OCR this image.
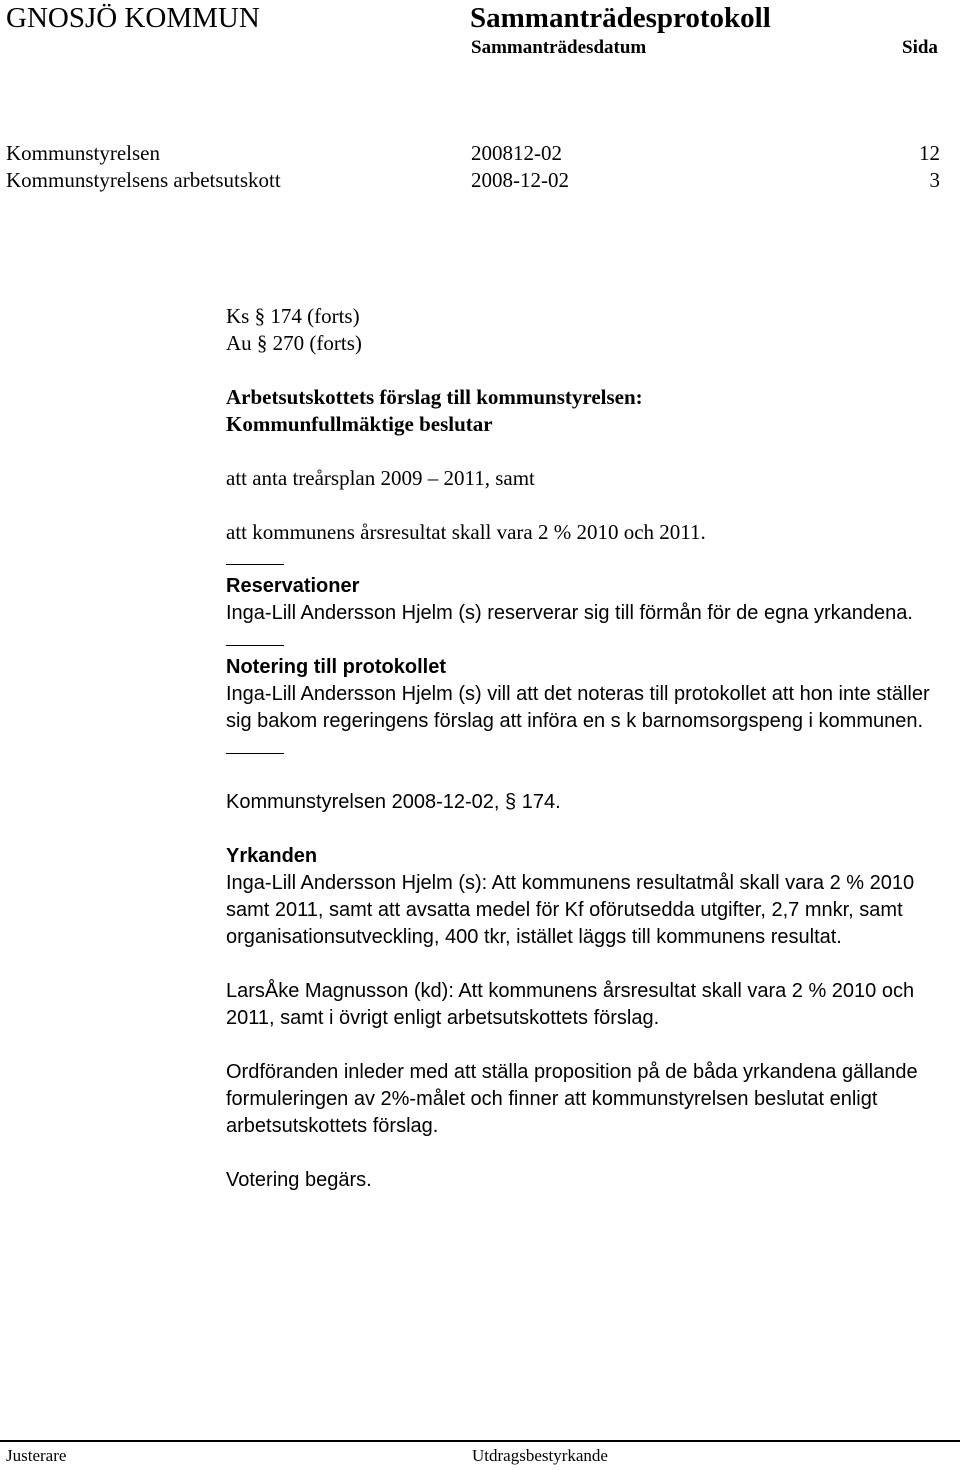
GNOSJÖ KOMMUN	Sammanträdesprotokoll
Sammanträdesdatum	Sida
Kommunstyrelsen	200812-02	12
Kommunstyrelsens arbetsutskott	2008-12-02	3

Ks § 174 (forts)

Au § 270 (forts)

Arbetsutskottets förslag till kommunstyrelsen:

Kommunfullmäktige beslutar

att anta treårsplan 2009 – 2011, samt

att kommunens årsresultat skall vara 2 % 2010 och 2011.

Reservationer

Inga-Lill Andersson Hjelm (s) reserverar sig till förmån för de egna yrkandena.

Notering till protokollet

Inga-Lill Andersson Hjelm (s) vill att det noteras till protokollet att hon inte ställer sig bakom regeringens förslag att införa en s k barnomsorgspeng i kommunen.

Kommunstyrelsen 2008-12-02, § 174.

Yrkanden

Inga-Lill Andersson Hjelm (s): Att kommunens resultatmål skall vara 2 % 2010 samt 2011, samt att avsatta medel för Kf oförutsedda utgifter, 2,7 mnkr, samt organisationsutveckling, 400 tkr, istället läggs till kommunens resultat.

LarsÅke Magnusson (kd): Att kommunens årsresultat skall vara 2 % 2010 och 2011, samt i övrigt enligt arbetsutskottets förslag.

Ordföranden inleder med att ställa proposition på de båda yrkandena gällande formuleringen av 2%-målet och finner att kommunstyrelsen beslutat enligt arbetsutskottets förslag.

Votering begärs.

Justerare	Utdragsbestyrkande
